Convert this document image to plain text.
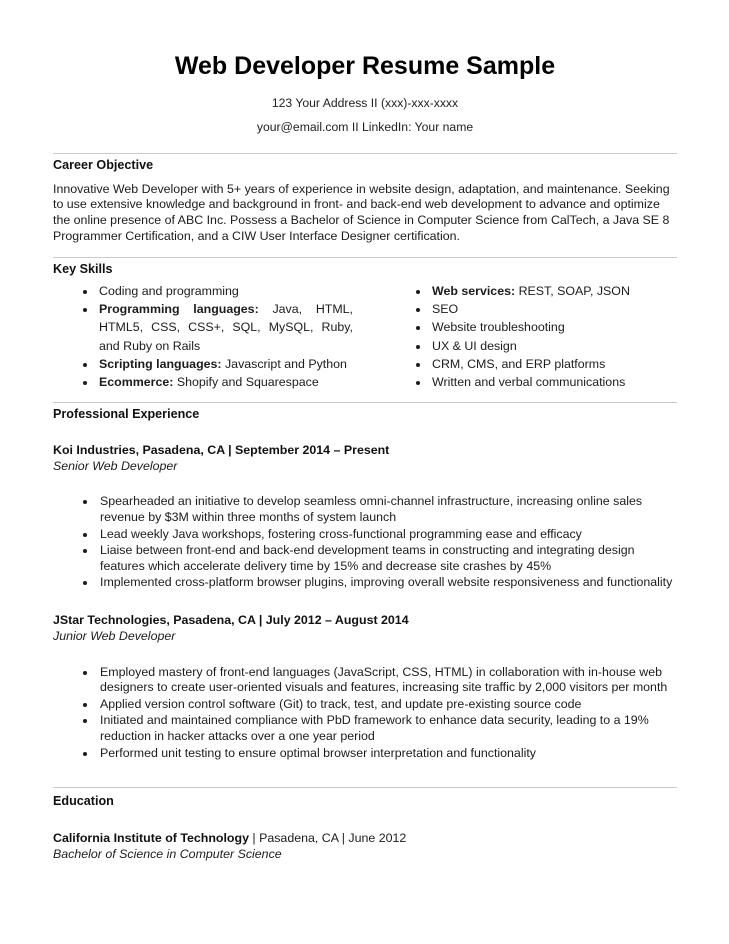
Web Developer Resume Sample

123 Your Address II (xxx)-xxx-xxxx

your@email.com II LinkedIn: Your name

Career Objective

Innovative Web Developer with 5+ years of experience in website design, adaptation, and maintenance. Seeking to use extensive knowledge and background in front- and back-end web development to advance and optimize the online presence of ABC Inc. Possess a Bachelor of Science in Computer Science from CalTech, a Java SE 8 Programmer Certification, and a CIW User Interface Designer certification.

Key Skills
• Coding and programming
• Programming languages: Java, HTML, HTML5, CSS, CSS+, SQL, MySQL, Ruby, and Ruby on Rails
• Scripting languages: Javascript and Python
• Ecommerce: Shopify and Squarespace
• Web services: REST, SOAP, JSON
• SEO
• Website troubleshooting
• UX & UI design
• CRM, CMS, and ERP platforms
• Written and verbal communications
Professional Experience

Koi Industries, Pasadena, CA | September 2014 – Present

Senior Web Developer

• Spearheaded an initiative to develop seamless omni-channel infrastructure, increasing online sales revenue by $3M within three months of system launch
• Lead weekly Java workshops, fostering cross-functional programming ease and efficacy
• Liaise between front-end and back-end development teams in constructing and integrating design features which accelerate delivery time by 15% and decrease site crashes by 45%
• Implemented cross-platform browser plugins, improving overall website responsiveness and functionality

JStar Technologies, Pasadena, CA | July 2012 – August 2014

Junior Web Developer

• Employed mastery of front-end languages (JavaScript, CSS, HTML) in collaboration with in-house web designers to create user-oriented visuals and features, increasing site traffic by 2,000 visitors per month
• Applied version control software (Git) to track, test, and update pre-existing source code
• Initiated and maintained compliance with PbD framework to enhance data security, leading to a 19% reduction in hacker attacks over a one year period
• Performed unit testing to ensure optimal browser interpretation and functionality
Education

California Institute of Technology | Pasadena, CA | June 2012

Bachelor of Science in Computer Science
